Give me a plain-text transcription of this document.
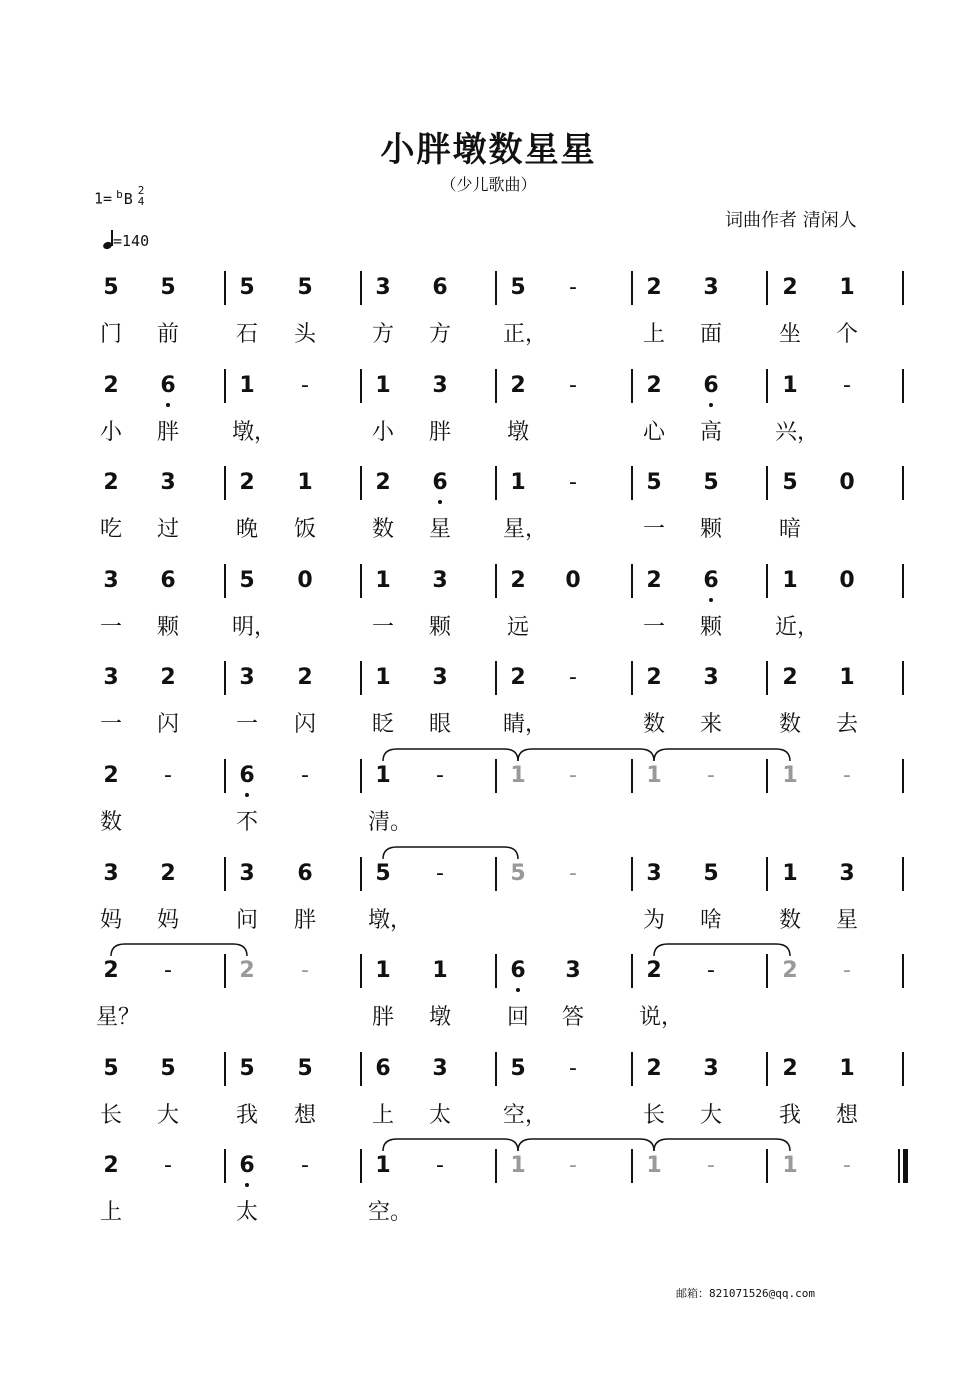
小胖墩数星星
（少儿歌曲）
1= $^b$B 2
4
=140
词曲作者 清闲人
邮箱：821071526@qq.com
5 5	5 5	3 6	5	-	2 3	2 1
门 前	石 头	方 方 正，	上 面	坐 个
2 6	1	-	1 3	2	-	2 6	1	-
小 胖 墩，	小 胖	墩	心 高 兴，
2 3	2 1	2 6	1	-	5 5	5 0
吃 过	晚 饭	数 星 星，	一 颗	暗
3 6	5 0	1 3	2 0	2 6	1 0
一 颗 明，	一 颗	远	一 颗 近，
3 2	3 2	1 3	2	-	2 3	2 1
一 闪	一 闪	眨 眼 睛，	数 来	数 去
2	-	6	-	1	-	1	-	1	-	1	-
数	不	清。
3 2	3 6	5	-	5	-	3 5	1 3
妈 妈	问 胖 墩，	为 啥	数 星
2	-	2	-	1 1	6 3	2	-	2	-
星？	胖 墩	回 答	说，
5 5	5 5	6 3	5	-	2 3	2 1
长 大	我 想	上 太 空，	长 大	我 想
2	-	6	-	1	-	1	-	1	-	1	-
上	太	空。
